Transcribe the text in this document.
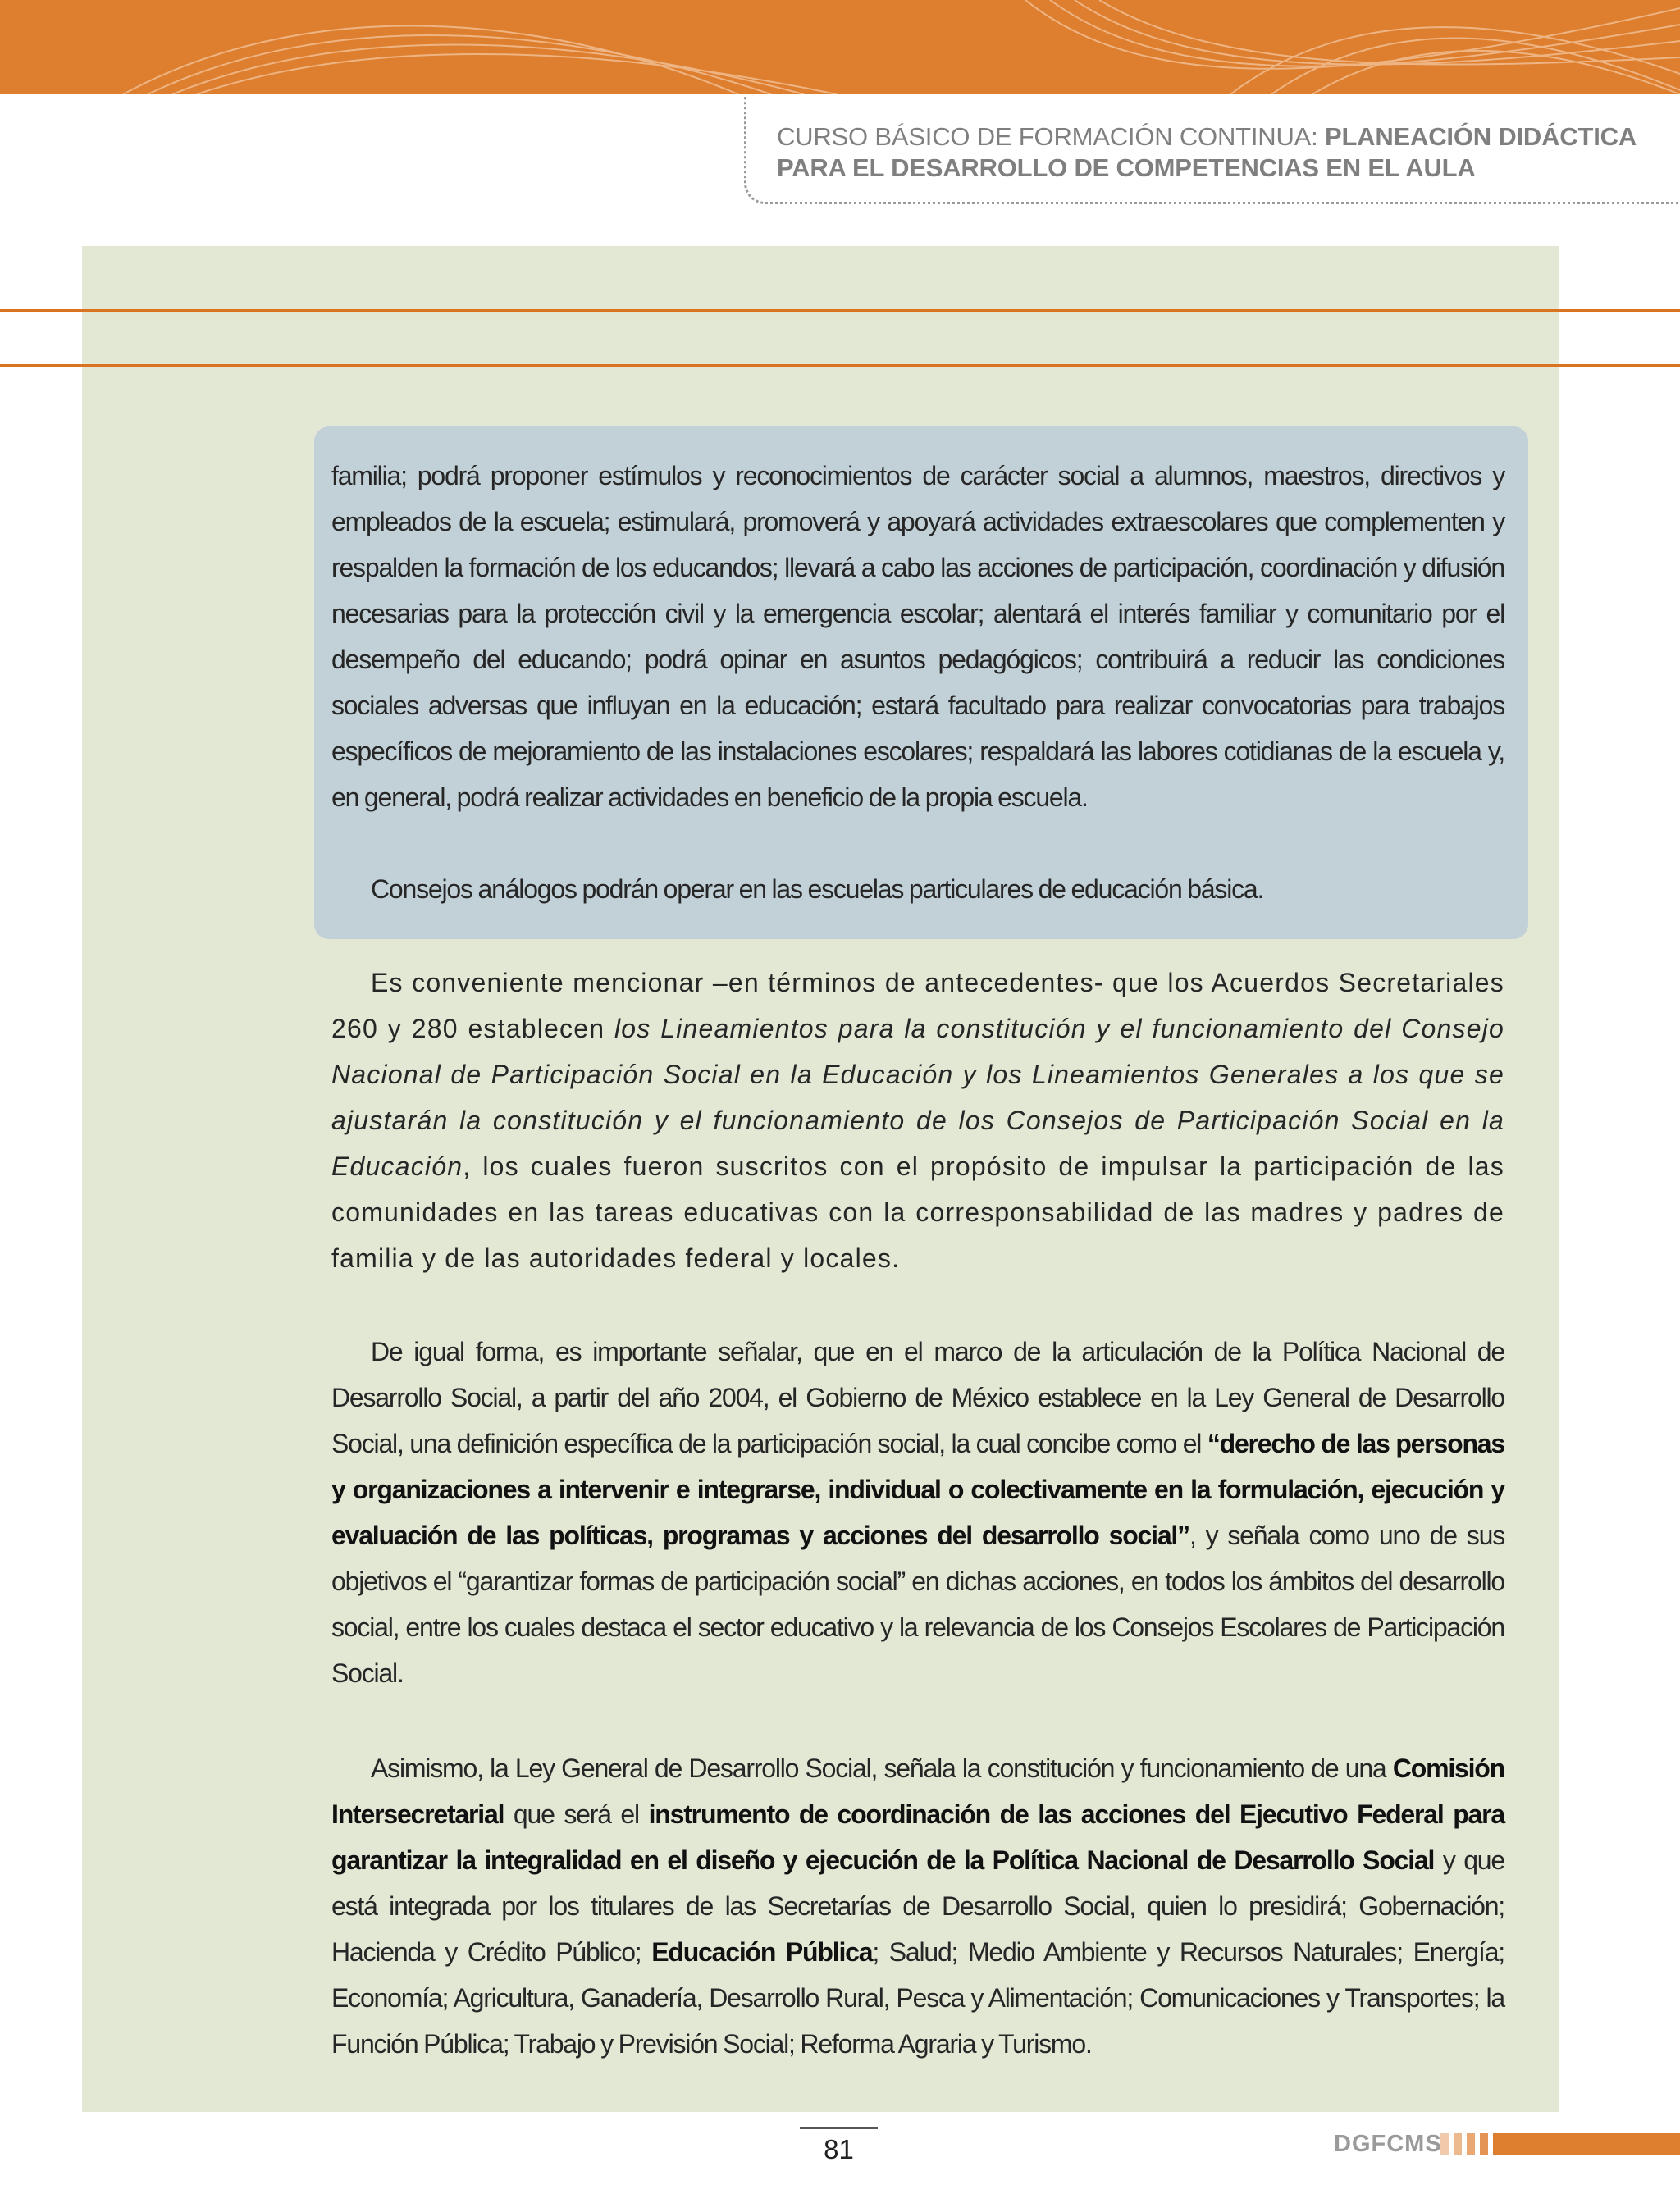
CURSO BÁSICO DE FORMACIÓN CONTINUA: PLANEACIÓN DIDÁCTICA
PARA EL DESARROLLO DE COMPETENCIAS EN EL AULA

familia; podrá proponer estímulos y reconocimientos de carácter social a alumnos, maestros, directivos y empleados de la escuela; estimulará, promoverá y apoyará actividades extraescolares que complementen y respalden la formación de los educandos; llevará a cabo las acciones de participación, coordinación y difusión necesarias para la protección civil y la emergencia escolar; alentará el interés familiar y comunitario por el desempeño del educando; podrá opinar en asuntos pedagógicos; contribuirá a reducir las condiciones sociales adversas que influyan en la educación; estará facultado para realizar convocatorias para trabajos específicos de mejoramiento de las instalaciones escolares; respaldará las labores cotidianas de la escuela y, en general, podrá realizar actividades en beneficio de la propia escuela.

Consejos análogos podrán operar en las escuelas particulares de educación básica.

Es conveniente mencionar –en términos de antecedentes- que los Acuerdos Secretariales 260 y 280 establecen los Lineamientos para la constitución y el funcionamiento del Consejo Nacional de Participación Social en la Educación y los Lineamientos Generales a los que se ajustarán la constitución y el funcionamiento de los Consejos de Participación Social en la Educación, los cuales fueron suscritos con el propósito de impulsar la participación de las comunidades en las tareas educativas con la corresponsabilidad de las madres y padres de familia y de las autoridades federal y locales.

De igual forma, es importante señalar, que en el marco de la articulación de la Política Nacional de Desarrollo Social, a partir del año 2004, el Gobierno de México establece en la Ley General de Desarrollo Social, una definición específica de la participación social, la cual concibe como el “derecho de las personas y organizaciones a intervenir e integrarse, individual o colectivamente en la formulación, ejecución y evaluación de las políticas, programas y acciones del desarrollo social”, y señala como uno de sus objetivos el “garantizar formas de participación social” en dichas acciones, en todos los ámbitos del desarrollo social, entre los cuales destaca el sector educativo y la relevancia de los Consejos Escolares de Participación Social.

Asimismo, la Ley General de Desarrollo Social, señala la constitución y funcionamiento de una Comisión Intersecretarial que será el instrumento de coordinación de las acciones del Ejecutivo Federal para garantizar la integralidad en el diseño y ejecución de la Política Nacional de Desarrollo Social y que está integrada por los titulares de las Secretarías de Desarrollo Social, quien lo presidirá; Gobernación; Hacienda y Crédito Público; Educación Pública; Salud; Medio Ambiente y Recursos Naturales; Energía; Economía; Agricultura, Ganadería, Desarrollo Rural, Pesca y Alimentación; Comunicaciones y Transportes; la Función Pública; Trabajo y Previsión Social; Reforma Agraria y Turismo.

81	DGFCMS
